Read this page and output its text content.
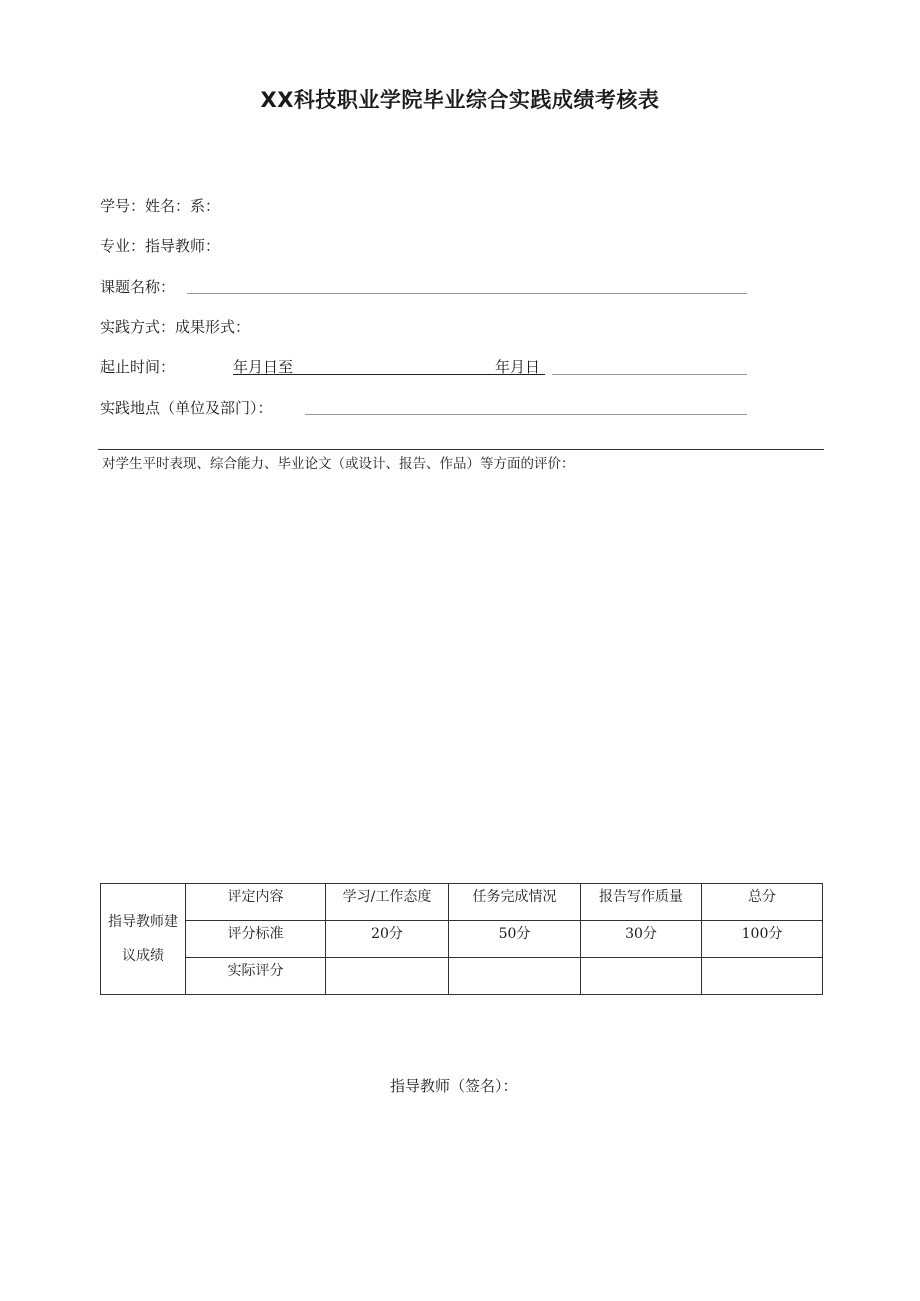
XX科技职业学院毕业综合实践成绩考核表
学号：姓名：系：
专业：指导教师：
课题名称：
实践方式：成果形式：
起止时间：	年月日至	年月日
实践地点（单位及部门）：
对学生平时表现、综合能力、毕业论文（或设计、报告、作品）等方面的评价：
指导教师建议成绩	评定内容	学习/工作态度	任务完成情况	报告写作质量	总分
	评分标准	20分	50分	30分	100分
	实际评分				
指导教师（签名）：
